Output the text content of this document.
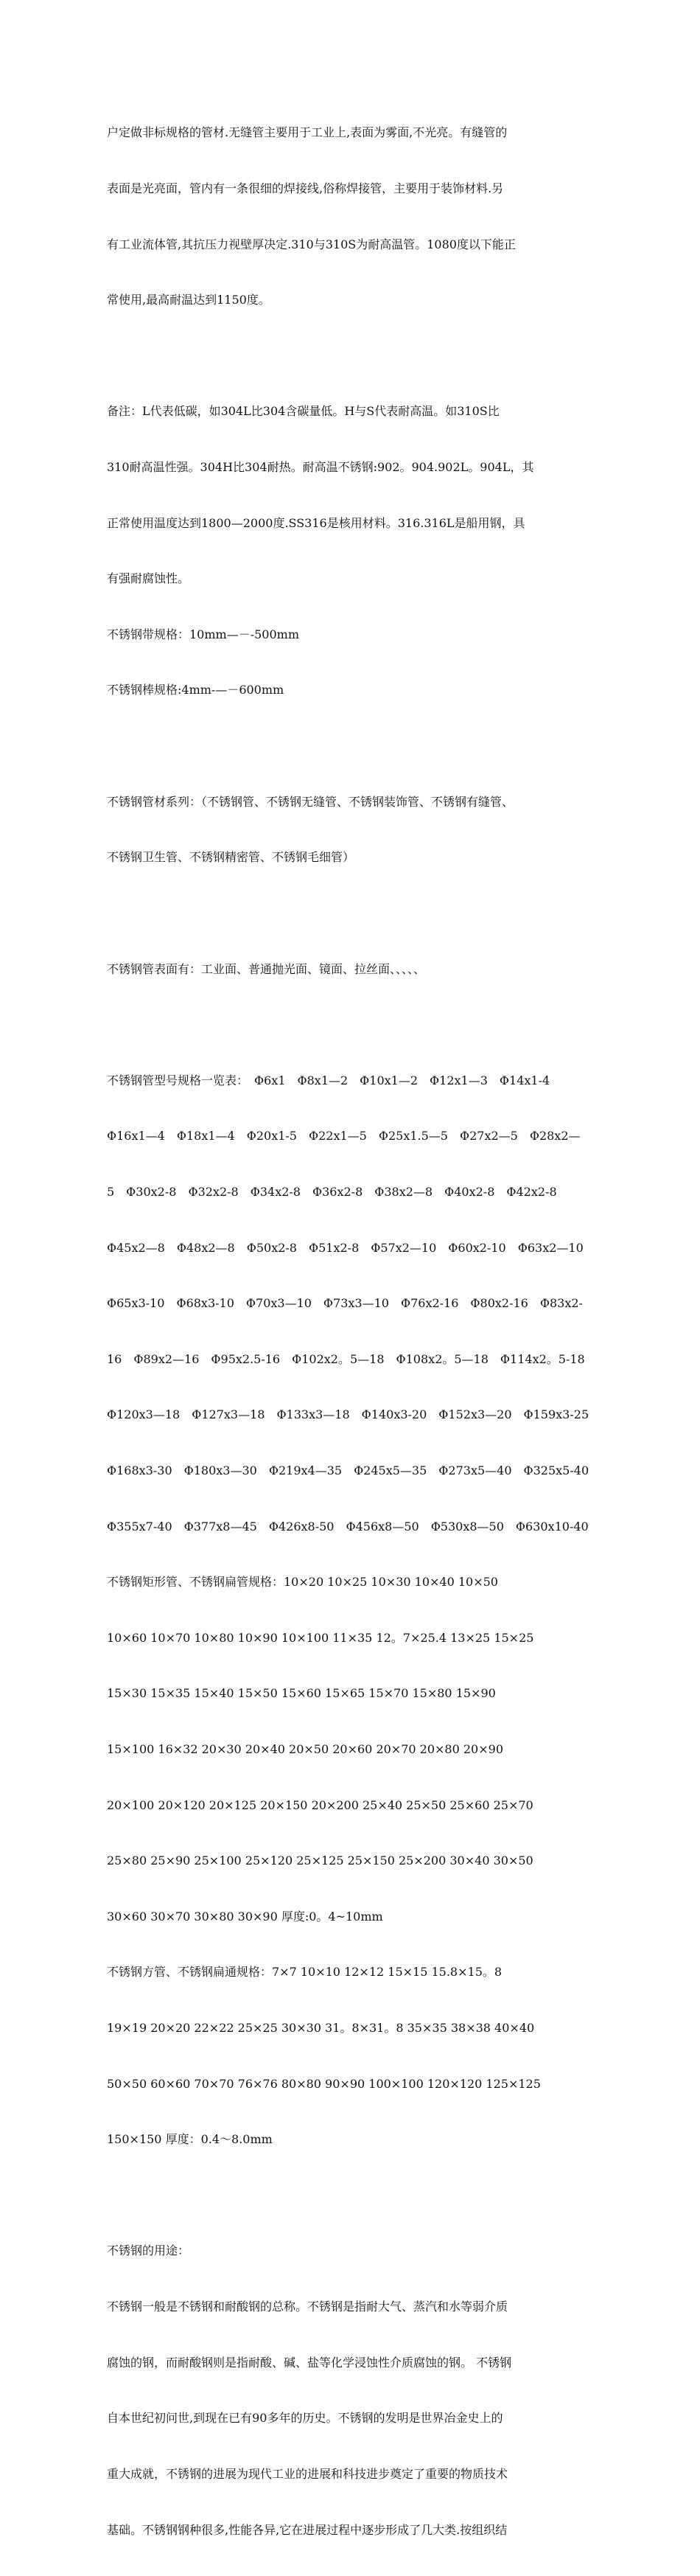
户定做非标规格的管材.无缝管主要用于工业上,表面为雾面,不光亮。有缝管的

表面是光亮面，管内有一条很细的焊接线,俗称焊接管，主要用于装饰材料.另

有工业流体管,其抗压力视壁厚决定.310与310S为耐高温管。1080度以下能正

常使用,最高耐温达到1150度。

备注：L代表低碳，如304L比304含碳量低。H与S代表耐高温。如310S比

310耐高温性强。304H比304耐热。耐高温不锈钢:902。904.902L。904L，其

正常使用温度达到1800—2000度.SS316是核用材料。316.316L是船用钢，具

有强耐腐蚀性。

不锈钢带规格：10mm—－-500mm

不锈钢棒规格:4mm-—－600mm

不锈钢管材系列：（不锈钢管、不锈钢无缝管、不锈钢装饰管、不锈钢有缝管、

不锈钢卫生管、不锈钢精密管、不锈钢毛细管）

不锈钢管表面有：工业面、普通抛光面、镜面、拉丝面、、、、、

不锈钢管型号规格一览表：　Φ6x1　Φ8x1—2　Φ10x1—2　Φ12x1—3　Φ14x1-4

Φ16x1—4　Φ18x1—4　Φ20x1-5　Φ22x1—5　Φ25x1.5—5　Φ27x2—5　Φ28x2—

5　Φ30x2-8　Φ32x2-8　Φ34x2-8　Φ36x2-8　Φ38x2—8　Φ40x2-8　Φ42x2-8

Φ45x2—8　Φ48x2—8　Φ50x2-8　Φ51x2-8　Φ57x2—10　Φ60x2-10　Φ63x2—10

Φ65x3-10　Φ68x3-10　Φ70x3—10　Φ73x3—10　Φ76x2-16　Φ80x2-16　Φ83x2-

16　Φ89x2—16　Φ95x2.5-16　Φ102x2。5—18　Φ108x2。5—18　Φ114x2。5-18

Φ120x3—18　Φ127x3—18　Φ133x3—18　Φ140x3-20　Φ152x3—20　Φ159x3-25

Φ168x3-30　Φ180x3—30　Φ219x4—35　Φ245x5—35　Φ273x5—40　Φ325x5-40

Φ355x7-40　Φ377x8—45　Φ426x8-50　Φ456x8—50　Φ530x8—50　Φ630x10-40

不锈钢矩形管、不锈钢扁管规格：10×20 10×25 10×30 10×40 10×50

10×60 10×70 10×80 10×90 10×100 11×35 12。7×25.4 13×25 15×25

15×30 15×35 15×40 15×50 15×60 15×65 15×70 15×80 15×90

15×100 16×32 20×30 20×40 20×50 20×60 20×70 20×80 20×90

20×100 20×120 20×125 20×150 20×200 25×40 25×50 25×60 25×70

25×80 25×90 25×100 25×120 25×125 25×150 25×200 30×40 30×50

30×60 30×70 30×80 30×90 厚度:0。4~10mm

不锈钢方管、不锈钢扁通规格：7×7 10×10 12×12 15×15 15.8×15。8

19×19 20×20 22×22 25×25 30×30 31。8×31。8 35×35 38×38 40×40

50×50 60×60 70×70 76×76 80×80 90×90 100×100 120×120 125×125

150×150 厚度：0.4～8.0mm

不锈钢的用途：

不锈钢一般是不锈钢和耐酸钢的总称。不锈钢是指耐大气、蒸汽和水等弱介质

腐蚀的钢，而耐酸钢则是指耐酸、碱、盐等化学浸蚀性介质腐蚀的钢。 不锈钢

自本世纪初问世,到现在已有90多年的历史。不锈钢的发明是世界冶金史上的

重大成就，不锈钢的进展为现代工业的进展和科技进步奠定了重要的物质技术

基础。不锈钢钢种很多,性能各异,它在进展过程中逐步形成了几大类.按组织结
